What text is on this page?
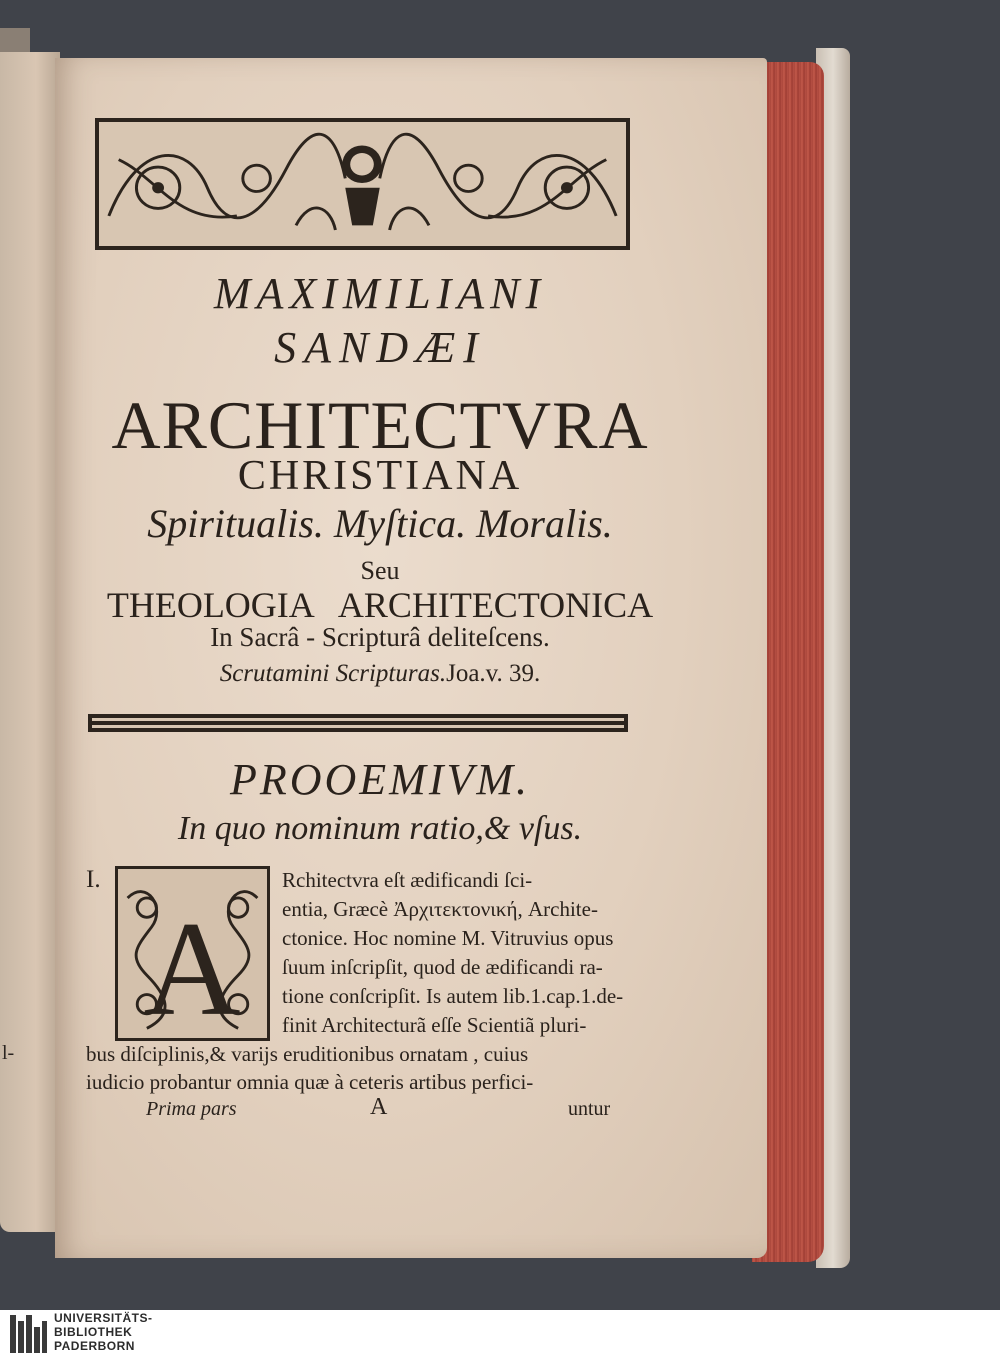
l-
MAXIMILIANI
SANDÆI
ARCHITECTVRA
CHRISTIANA
Spiritualis. Myſtica. Moralis.
Seu
THEOLOGIA ARCHITECTONICA
In Sacrâ - Scripturâ deliteſcens.
Scrutamini Scripturas.Joa.v. 39.
PROOEMIVM.
In quo nominum ratio,& vſus.
I.
A
Rchitectvra eſt ædificandi ſci-
entia, Græcè Ἀρχιτεκτονική, Archite-
ctonice. Hoc nomine M. Vitruvius opus
ſuum inſcripſit, quod de ædificandi ra-
tione conſcripſit. Is autem lib.1.cap.1.de-
finit Architecturã eſſe Scientiã pluri-
bus diſciplinis,& varijs eruditionibus ornatam , cuius
iudicio probantur omnia quæ à ceteris artibus perfici-
Prima pars	A	untur
UNIVERSITÄTS-
BIBLIOTHEK
PADERBORN
